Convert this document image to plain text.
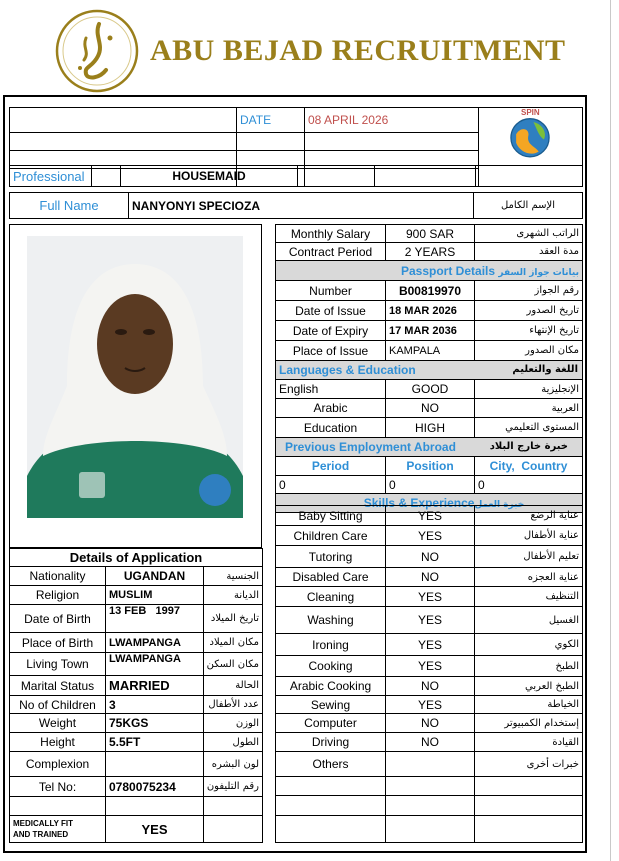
ABU BEJAD RECRUITMENT
	DATE	08 APRIL 2026	SPIN

Professional		HOUSEMAID			
Full Name	NANYONYI SPECIOZA	الإسم الكامل
Monthly Salary	900 SAR	الراتب الشهرى
Contract Period	2 YEARS	مدة العقد
Passport Details بيانات جواز السفر		
Number	B00819970	رقم الجواز
Date of Issue	18 MAR 2026	تاريخ الصدور
Date of Expiry	17 MAR 2036	تاريخ الإنتهاء
Place of Issue	KAMPALA	مكان الصدور
Languages & Education اللغة والتعليم		

English	GOOD	الإنجليزية
Arabic	NO	العربية
Education	HIGH	المستوى التعليمي
Previous Employment Abroad خبرة خارج البلاد		

Period	Position	City, Country
0	0	0
Skills & Experienceخبرة العمل		
Baby Sitting	YES	عناية الرضع
Children Care	YES	عناية الأطفال
Tutoring	NO	تعليم الأطفال
Disabled Care	NO	عناية العجزه
Cleaning	YES	التنظيف
Washing	YES	الغسيل
Ironing	YES	الكوي
Cooking	YES	الطبخ
Arabic Cooking	NO	الطبخ العربي
Sewing	YES	الخياطة
Computer	NO	إستخدام الكمبيوتر
Driving	NO	القيادة
Others		خبرات أخرى

Details of Application		
Nationality	UGANDAN	الجنسية
Religion	MUSLIM	الديانة
Date of Birth	13 FEB   1997	تاريخ الميلاد
Place of Birth	LWAMPANGA	مكان الميلاد
Living Town	LWAMPANGA	مكان السكن
Marital Status	MARRIED	الحالة
No of Children	3	عدد الأطفال
Weight	75KGS	الوزن
Height	5.5FT	الطول
Complexion		لون البشره
Tel No:	0780075234	رقم التليفون

MEDICALLY FIT
AND TRAINED	YES	
